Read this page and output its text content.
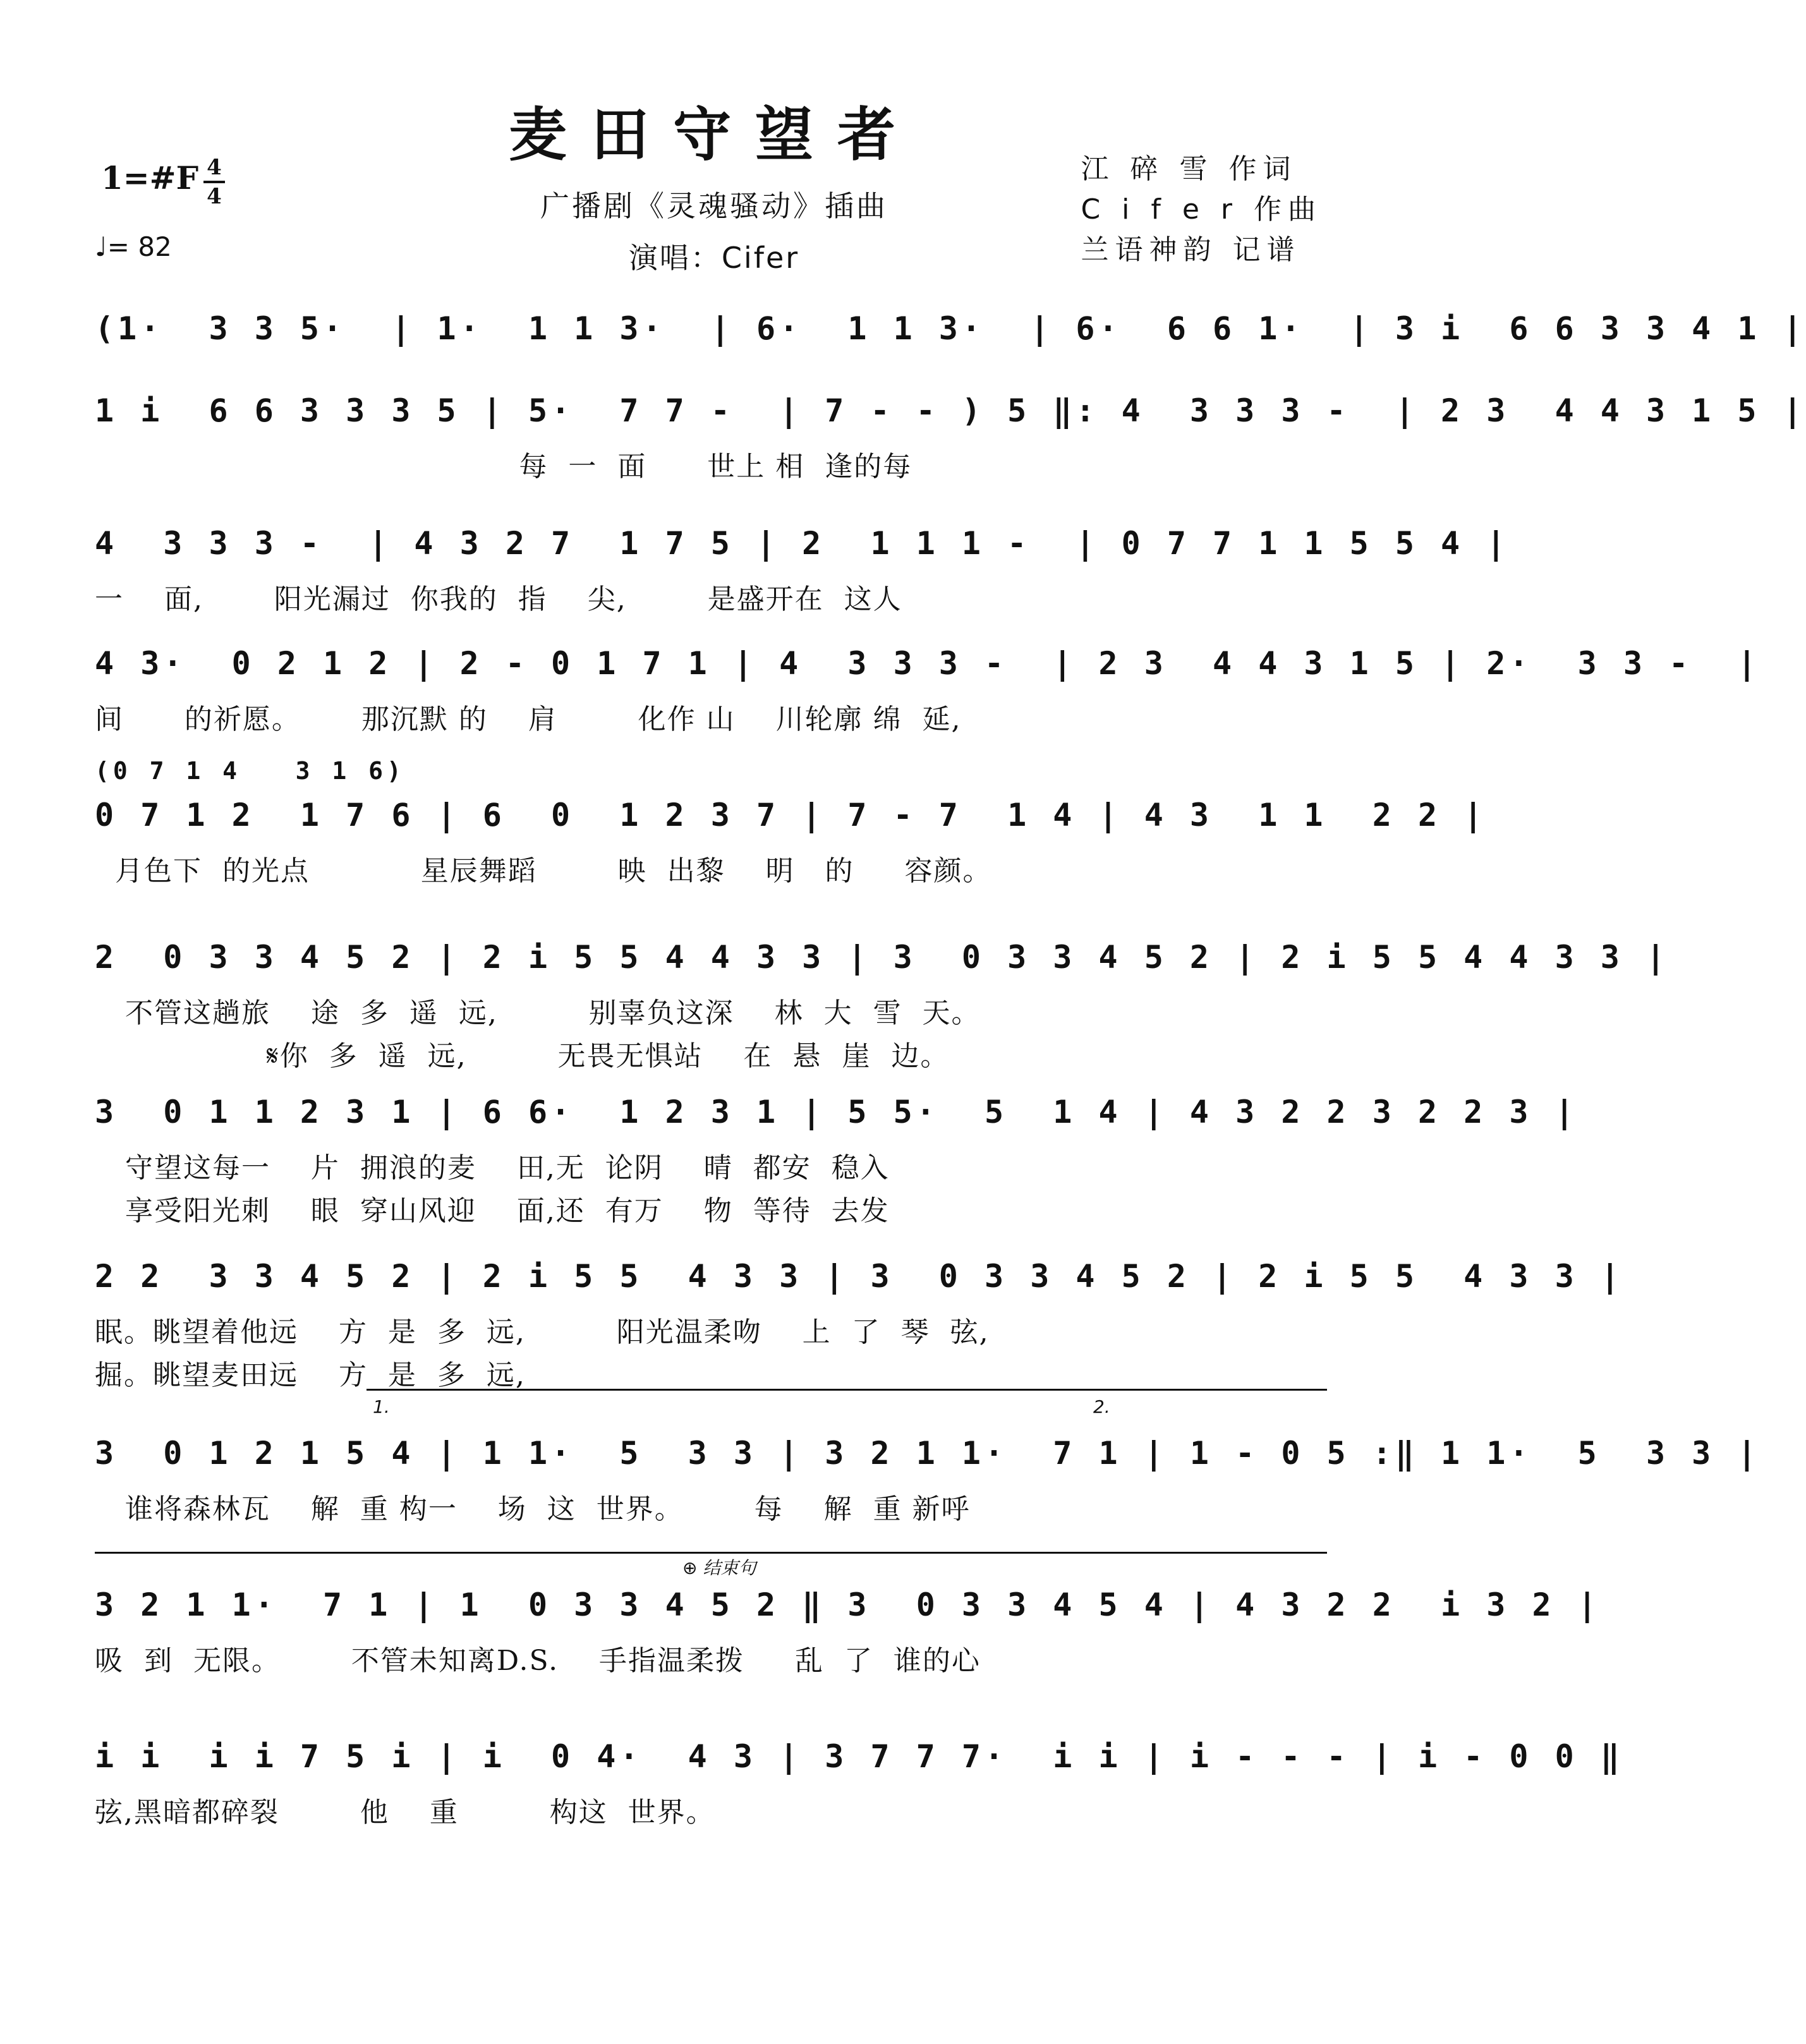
麦田守望者
广播剧《灵魂骚动》插曲
演唱：Cifer
1=#F 4
4
♩= 82
江 碎 雪 作词
C i f e r 作曲
兰语神韵 记谱
(1·  3 3 5·  | 1·  1 1 3·  | 6·  1 1 3·  | 6·  6 6 1·  | 3 i  6 6 3 3 4 1 |
1 i  6 6 3 3 3 5 | 5·  7 7 -  | 7 - - ) 5 ‖: 4  3 3 3 -  | 2 3  4 4 3 1 5 |
每  一  面      世上 相  逢的每
4  3 3 3 -  | 4 3 2 7  1 7 5 | 2  1 1 1 -  | 0 7 7 1 1 5 5 4 |
一    面,       阳光漏过  你我的  指    尖,        是盛开在  这人
4 3·  0 2 1 2 | 2 - 0 1 7 1 | 4  3 3 3 -  | 2 3  4 4 3 1 5 | 2·  3 3 -  |
间      的祈愿。      那沉默 的    肩        化作 山    川轮廓 绵  延,
(0 7 1 4   3 1 6)
0 7 1 2  1 7 6 | 6  0  1 2 3 7 | 7 - 7  1 4 | 4 3  1 1  2 2 |
月色下  的光点           星辰舞蹈        映  出黎    明   的     容颜。
2  0 3 3 4 5 2 | 2 i 5 5 4 4 3 3 | 3  0 3 3 4 5 2 | 2 i 5 5 4 4 3 3 |
不管这趟旅    途  多  遥  远,         别辜负这深    林  大  雪  天。
𝄋你  多  遥  远,         无畏无惧站    在  悬  崖  边。
3  0 1 1 2 3 1 | 6 6·  1 2 3 1 | 5 5·  5  1 4 | 4 3 2 2 3 2 2 3 |
守望这每一    片  拥浪的麦    田,无  论阴    晴  都安  稳入
享受阳光刺    眼  穿山风迎    面,还  有万    物  等待  去发
2 2  3 3 4 5 2 | 2 i 5 5  4 3 3 | 3  0 3 3 4 5 2 | 2 i 5 5  4 3 3 |
眠。眺望着他远    方  是  多  远,         阳光温柔吻    上  了  琴  弦,
掘。眺望麦田远    方  是  多  远,
1.	2.
3  0 1 2 1 5 4 | 1 1·  5  3 3 | 3 2 1 1·  7 1 | 1 - 0 5 :‖ 1 1·  5  3 3 |
谁将森林瓦    解  重 构一    场  这  世界。       每    解  重 新呼
⊕ 结束句
3 2 1 1·  7 1 | 1  0 3 3 4 5 2 ‖ 3  0 3 3 4 5 4 | 4 3 2 2  i 3 2 |
吸  到  无限。       不管未知离D.S.    手指温柔拨     乱  了  谁的心
i i  i i 7 5 i | i  0 4·  4 3 | 3 7 7 7·  i i | i - - - | i - 0 0 ‖
弦,黑暗都碎裂        他    重         构这  世界。
